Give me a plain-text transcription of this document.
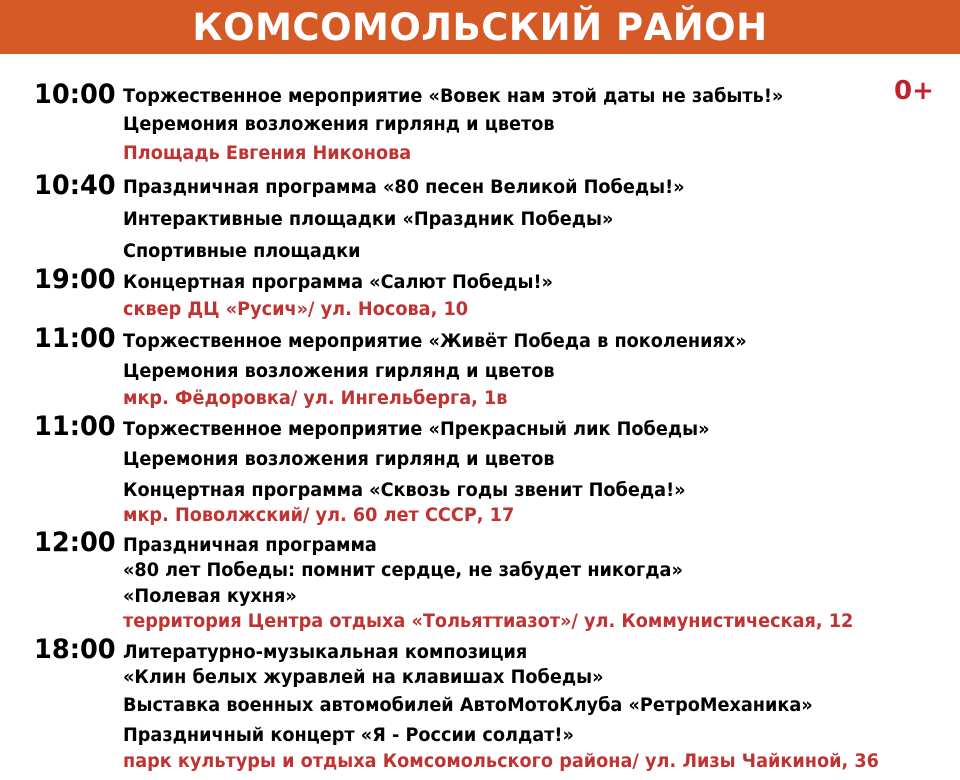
КОМСОМОЛЬСКИЙ РАЙОН
0+
10:00 Торжественное мероприятие «Вовек нам этой даты не забыть!»
Церемония возложения гирлянд и цветов
Площадь Евгения Никонова
10:40 Праздничная программа «80 песен Великой Победы!»
Интерактивные площадки «Праздник Победы»
Спортивные площадки
19:00 Концертная программа «Салют Победы!»
сквер ДЦ «Русич»/ ул. Носова, 10
11:00 Торжественное мероприятие «Живёт Победа в поколениях»
Церемония возложения гирлянд и цветов
мкр. Фёдоровка/ ул. Ингельберга, 1в
11:00 Торжественное мероприятие «Прекрасный лик Победы»
Церемония возложения гирлянд и цветов
Концертная программа «Сквозь годы звенит Победа!»
мкр. Поволжский/ ул. 60 лет СССР, 17
12:00 Праздничная программа
«80 лет Победы: помнит сердце, не забудет никогда»
«Полевая кухня»
территория Центра отдыха «Тольяттиазот»/ ул. Коммунистическая, 12
18:00 Литературно-музыкальная композиция
«Клин белых журавлей на клавишах Победы»
Выставка военных автомобилей АвтоМотоКлуба «РетроМеханика»
Праздничный концерт «Я - России солдат!»
парк культуры и отдыха Комсомольского района/ ул. Лизы Чайкиной, 36
